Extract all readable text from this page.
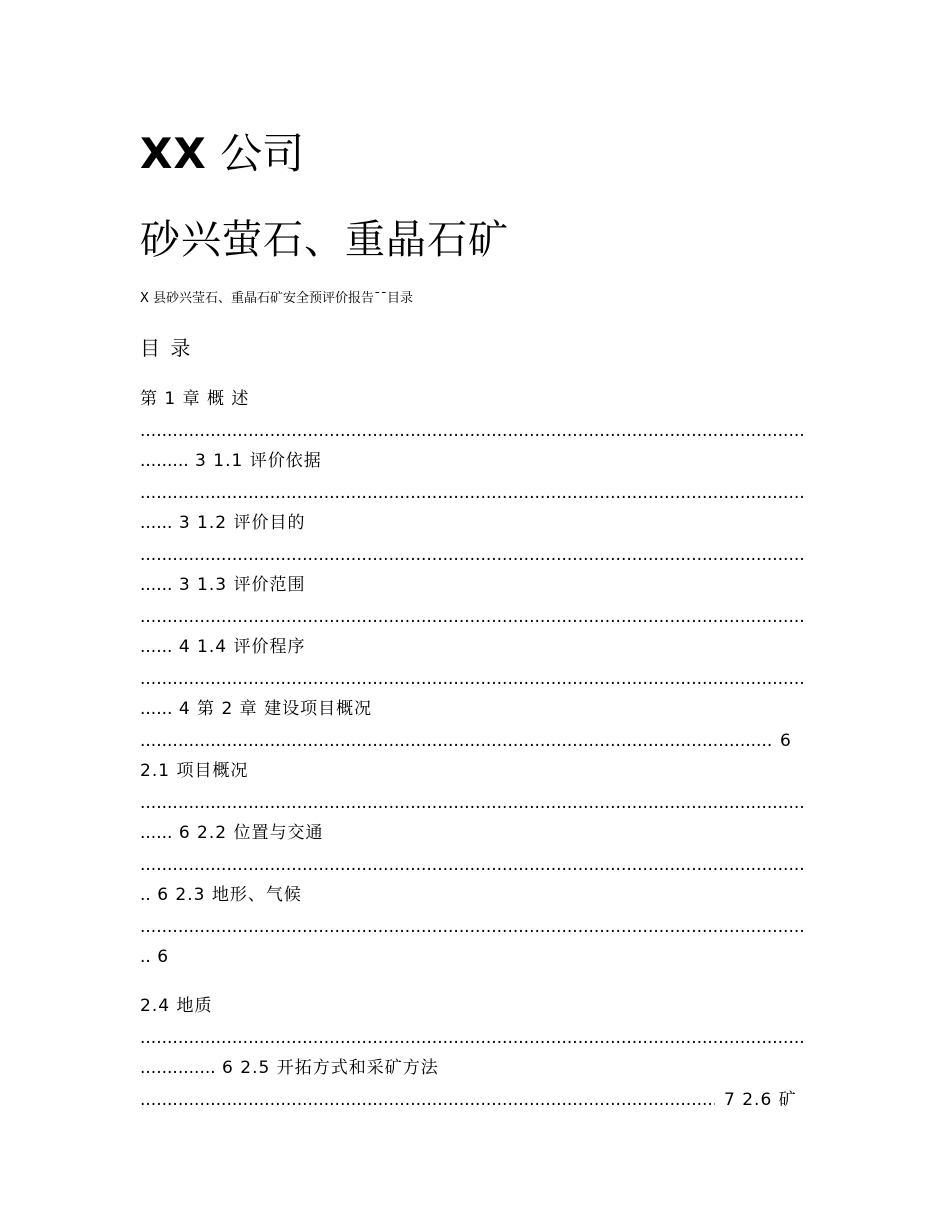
XX 公司
砂兴萤石、重晶石矿
X 县砂兴莹石、重晶石矿安全预评价报告¯¯目录
目 录
第 1 章 概 述
.....
......... 3 1.1 评价依据
.....
...... 3 1.2 评价目的
.....
...... 3 1.3 评价范围
.....
...... 4 1.4 评价程序
.....
...... 4 第 2 章 建设项目概况
.....
6
2.1 项目概况
.....
...... 6 2.2 位置与交通
.....
.. 6 2.3 地形、气候
.....
.. 6
2.4 地质
.....
.............. 6 2.5 开拓方式和采矿方法
.....
7 2.6 矿
